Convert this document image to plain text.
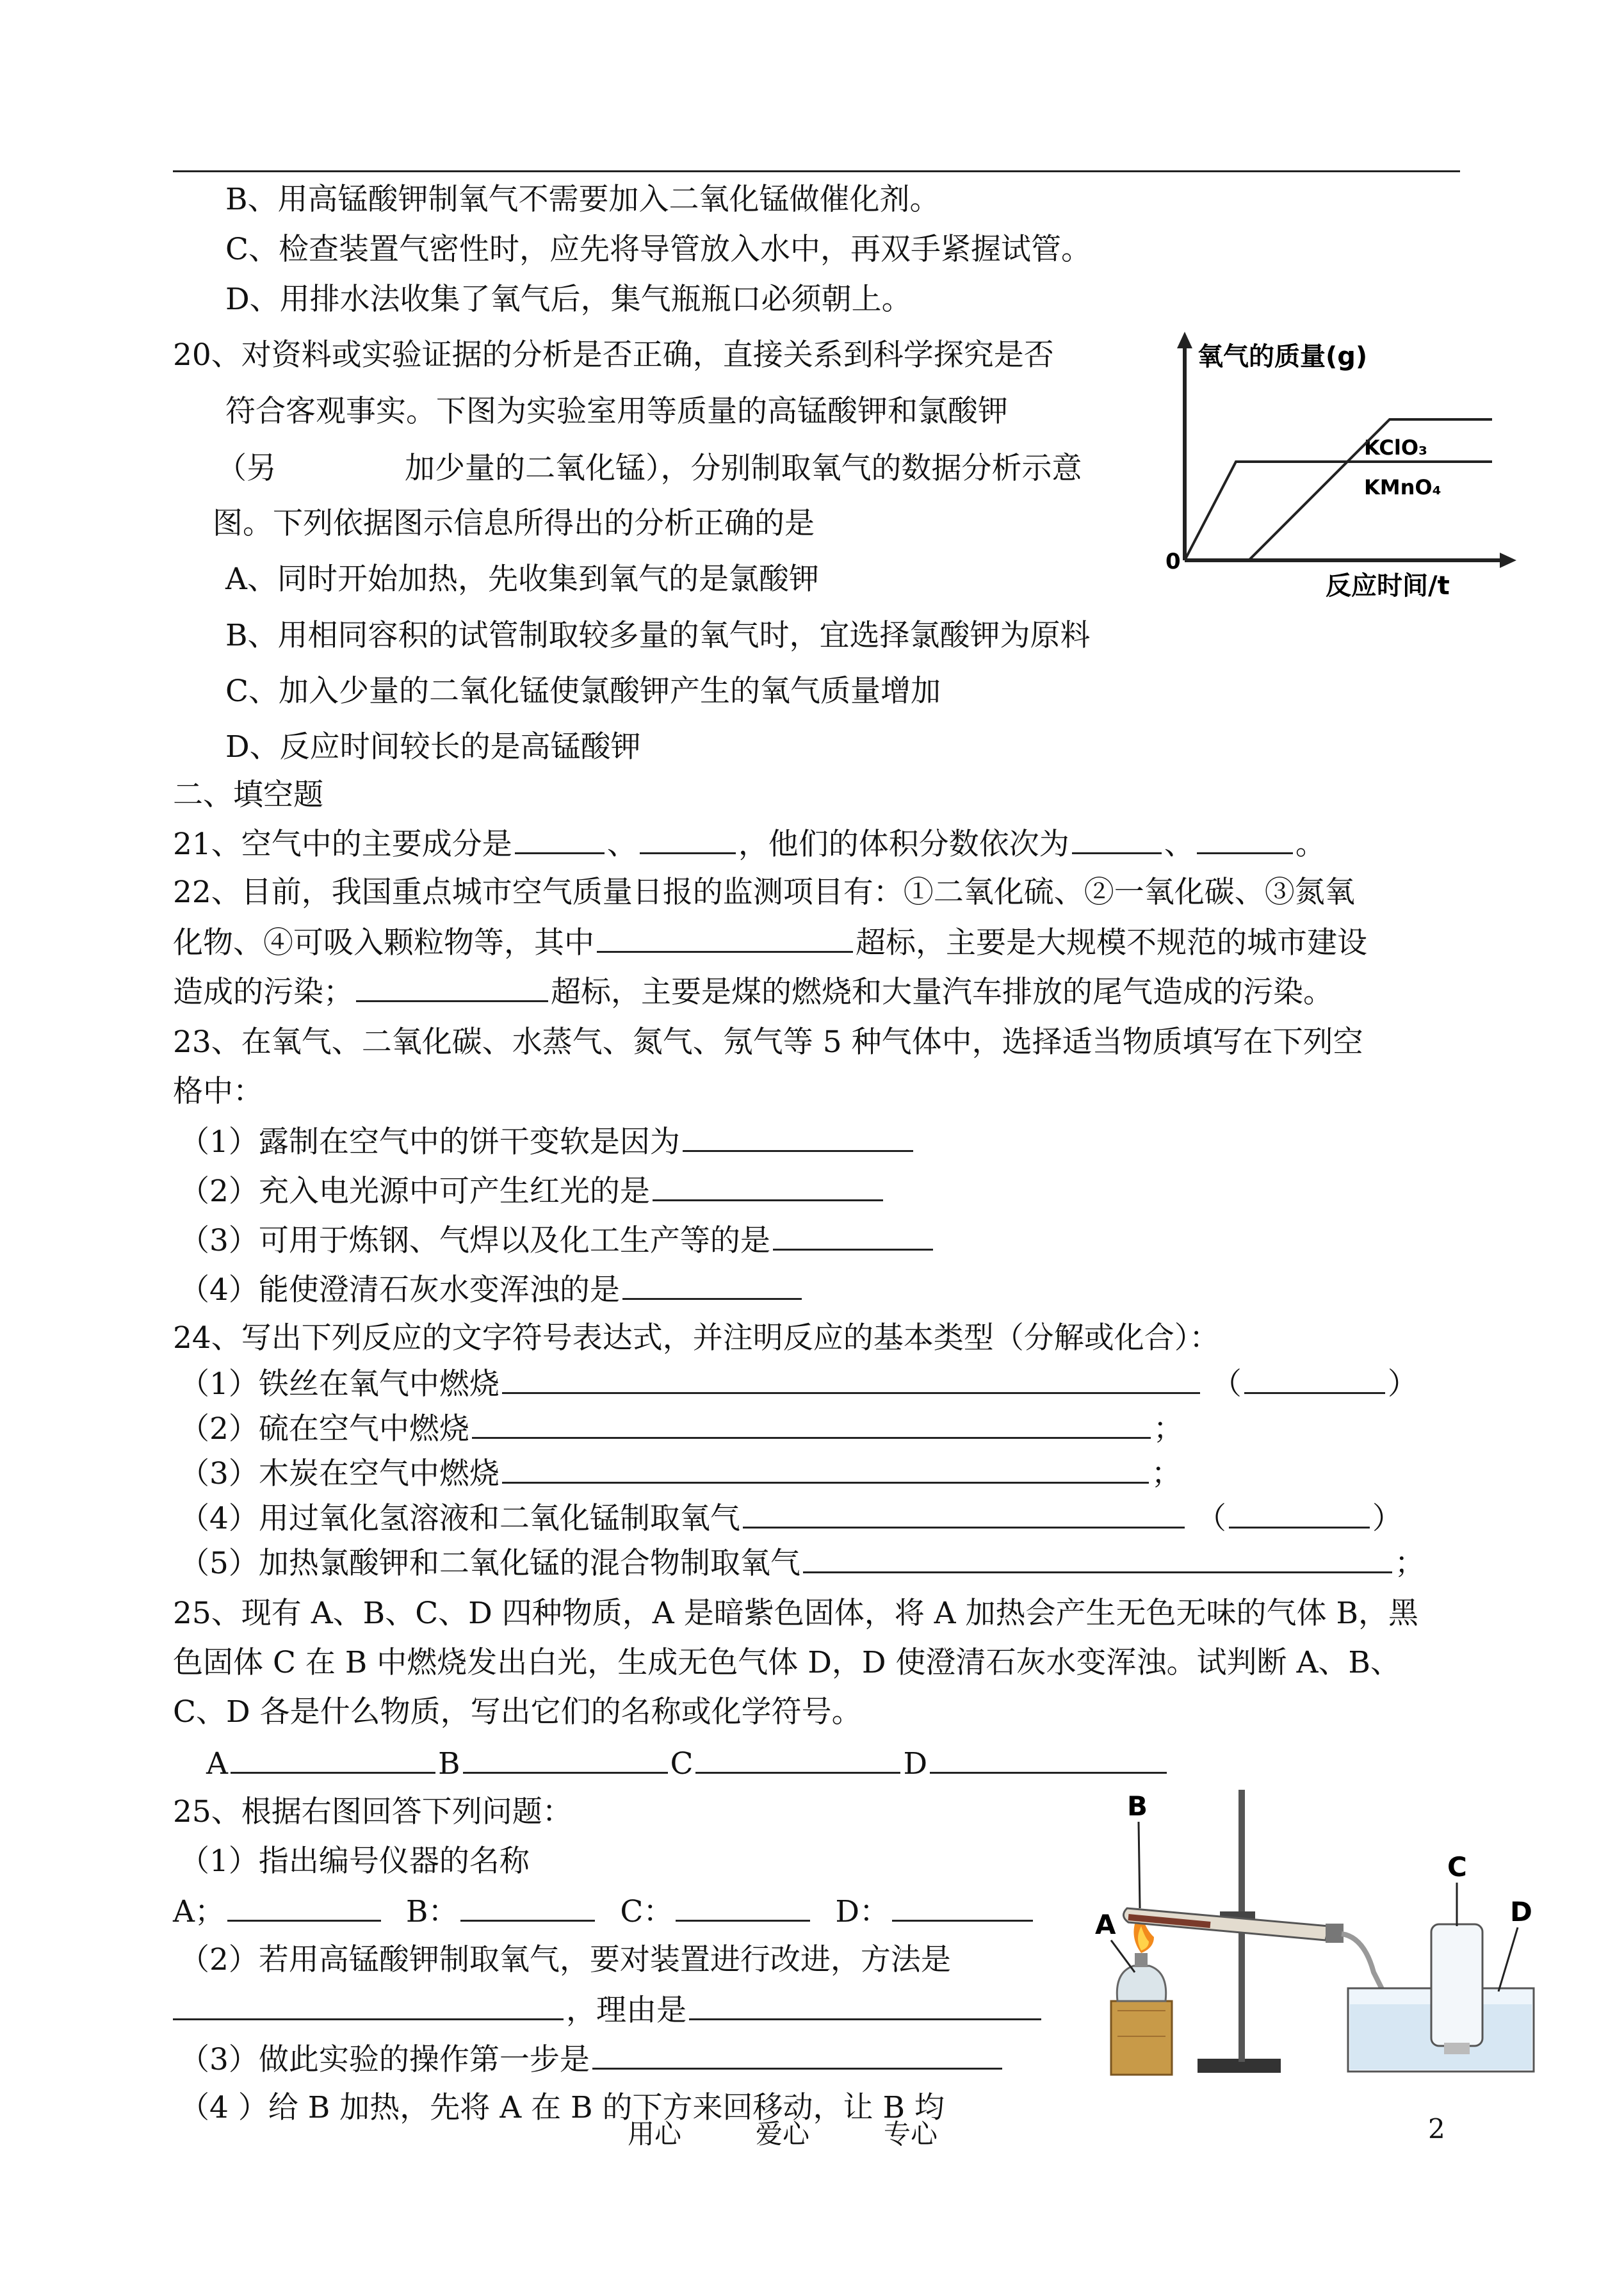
B、用高锰酸钾制氧气不需要加入二氧化锰做催化剂。
C、检查装置气密性时，应先将导管放入水中，再双手紧握试管。
D、用排水法收集了氧气后，集气瓶瓶口必须朝上。
20、对资料或实验证据的分析是否正确，直接关系到科学探究是否
符合客观事实。下图为实验室用等质量的高锰酸钾和氯酸钾
（另	加少量的二氧化锰），分别制取氧气的数据分析示意
图。下列依据图示信息所得出的分析正确的是
A、同时开始加热，先收集到氧气的是氯酸钾
B、用相同容积的试管制取较多量的氧气时，宜选择氯酸钾为原料
C、加入少量的二氧化锰使氯酸钾产生的氧气质量增加
D、反应时间较长的是高锰酸钾
氧气的质量(g)
反应时间/t
0
KClO₃
KMnO₄
二、填空题
21、空气中的主要成分是	、	，他们的体积分数依次为	、	。
22、目前，我国重点城市空气质量日报的监测项目有：①二氧化硫、②一氧化碳、③氮氧
化物、④可吸入颗粒物等，其中	超标，主要是大规模不规范的城市建设
造成的污染；	超标，主要是煤的燃烧和大量汽车排放的尾气造成的污染。
23、在氧气、二氧化碳、水蒸气、氮气、氖气等 5 种气体中，选择适当物质填写在下列空
格中：
（1）露制在空气中的饼干变软是因为
（2）充入电光源中可产生红光的是
（3）可用于炼钢、气焊以及化工生产等的是
（4）能使澄清石灰水变浑浊的是
24、写出下列反应的文字符号表达式，并注明反应的基本类型（分解或化合）：
（1）铁丝在氧气中燃烧	（	）
（2）硫在空气中燃烧	；
（3）木炭在空气中燃烧	；
（4）用过氧化氢溶液和二氧化锰制取氧气	（	）
（5）加热氯酸钾和二氧化锰的混合物制取氧气	；
25、现有 A、B、C、D 四种物质，A 是暗紫色固体，将 A 加热会产生无色无味的气体 B，黑
色固体 C 在 B 中燃烧发出白光，生成无色气体 D，D 使澄清石灰水变浑浊。试判断 A、B、
C、D 各是什么物质，写出它们的名称或化学符号。
A	B	C	D
25、根据右图回答下列问题：
（1）指出编号仪器的名称
A；	B：	C：	D：
（2）若用高锰酸钾制取氧气，要对装置进行改进，方法是
，理由是
（3）做此实验的操作第一步是
（4 ）给 B 加热，先将 A 在 B 的下方来回移动，让 B 均
B
A
C
D
用心	爱心	专心	2
